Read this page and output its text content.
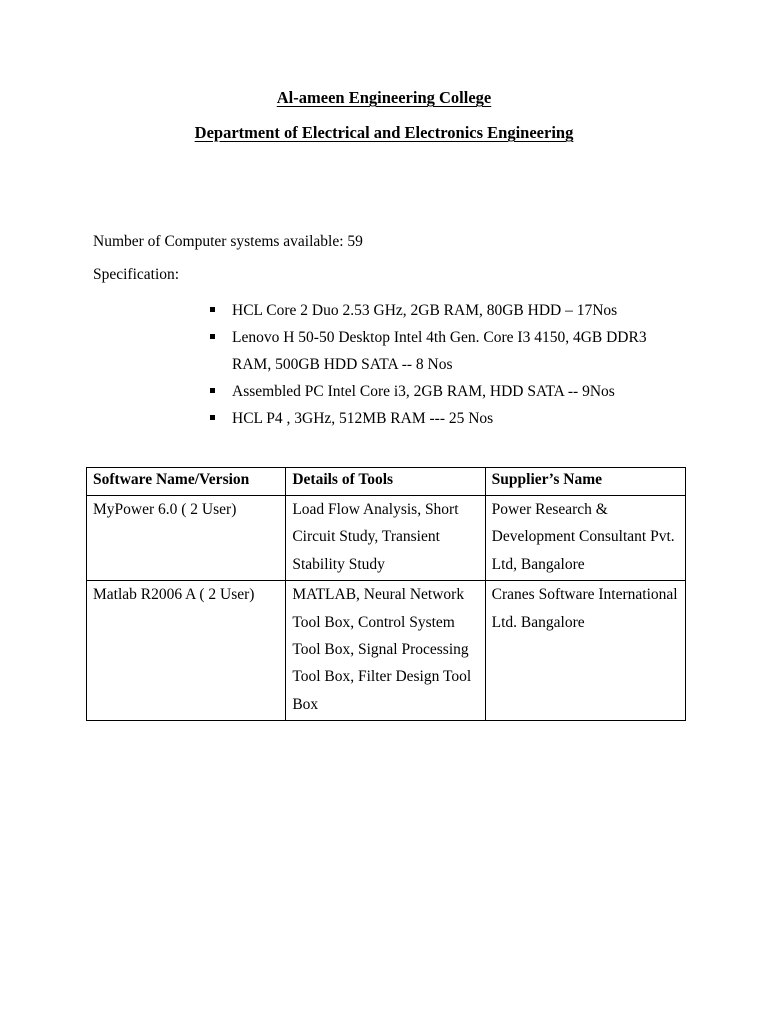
Al-ameen Engineering College
Department of Electrical and Electronics Engineering
Number of Computer systems available: 59
Specification:
HCL Core 2 Duo 2.53 GHz, 2GB RAM, 80GB HDD – 17Nos
Lenovo H 50-50 Desktop Intel 4th Gen. Core I3 4150, 4GB DDR3 RAM, 500GB HDD SATA -- 8 Nos
Assembled PC Intel Core i3, 2GB RAM, HDD SATA -- 9Nos
HCL P4 , 3GHz, 512MB RAM --- 25 Nos
Software Name/Version	Details of Tools	Supplier’s Name
MyPower 6.0 ( 2 User)	Load Flow Analysis, Short Circuit Study, Transient Stability Study	Power Research & Development Consultant Pvt. Ltd, Bangalore
Matlab R2006 A ( 2 User)	MATLAB, Neural Network Tool Box, Control System Tool Box, Signal Processing Tool Box, Filter Design Tool Box	Cranes Software International Ltd. Bangalore
